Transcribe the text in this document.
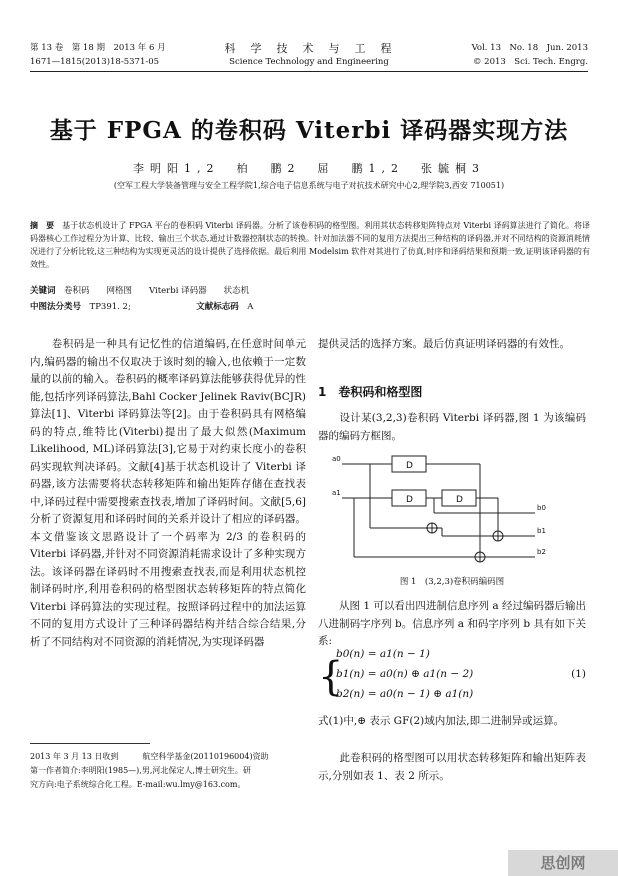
第 13 卷　第 18 期　2013 年 6 月
1671—1815(2013)18-5371-05
科　学　技　术　与　工　程
Science Technology and Engineering
Vol. 13　No. 18　Jun. 2013
© 2013　Sci. Tech. Engrg.
基于 FPGA 的卷积码 Viterbi 译码器实现方法
李明阳1,2　柏　鹏2　屈　鹏1,2　张毓桐3
(空军工程大学装备管理与安全工程学院1,综合电子信息系统与电子对抗技术研究中心2,理学院3,西安 710051)
摘　要　 基于状态机设计了 FPGA 平台的卷积码 Viterbi 译码器。分析了该卷积码的格型图。利用其状态转移矩阵特点对 Viterbi 译码算法进行了简化。将译码器核心工作过程分为计算、比较、输出三个状态,通过计数器控制状态的转换。针对加法器不同的复用方法提出三种结构的译码器,并对不同结构的资源消耗情况进行了分析比较,这三种结构为实现更灵活的设计提供了选择依据。最后利用 Modelsim 软件对其进行了仿真,时序和译码结果和预期一致,证明该译码器的有效性。
关键词　 卷积码　　网格图　　Viterbi 译码器　　状态机
中图法分类号　 TP391. 2;	文献标志码　 A
　　卷积码是一种具有记忆性的信道编码,在任意时间单元内,编码器的输出不仅取决于该时刻的输入,也依赖于一定数量的以前的输入。卷积码的概率译码算法能够获得优异的性能,包括序列译码算法,Bahl Cocker Jelinek Raviv(BCJR)算法[1]、Viterbi 译码算法等[2]。由于卷积码具有网格编码的特点,维特比(Viterbi)提出了最大似然(Maximum Likelihood, ML)译码算法[3],它易于对约束长度小的卷积码实现软判决译码。文献[4]基于状态机设计了 Viterbi 译码器,该方法需要将状态转移矩阵和输出矩阵存储在查找表中,译码过程中需要搜索查找表,增加了译码时间。文献[5,6]分析了资源复用和译码时间的关系并设计了相应的译码器。本文借鉴该文思路设计了一个码率为 2/3 的卷积码的 Viterbi 译码器,并针对不同资源消耗需求设计了多种实现方法。该译码器在译码时不用搜索查找表,而是利用状态机控制译码时序,利用卷积码的格型图状态转移矩阵的特点简化 Viterbi 译码算法的实现过程。按照译码过程中的加法运算不同的复用方式设计了三种译码器结构并结合综合结果,分析了不同结构对不同资源的消耗情况,为实现译码器
提供灵活的选择方案。最后仿真证明译码器的有效性。
1　卷积码和格型图
　　设计某(3,2,3)卷积码 Viterbi 译码器,图 1 为该编码器的编码方框图。
D
D	D
a0
a1
b0
b1
b2
图 1　(3,2,3)卷积码编码图
　　从图 1 可以看出四进制信息序列 a 经过编码器后输出八进制码字序列 b。信息序列 a 和码字序列 b 具有如下关系:
{
b0(n) = a1(n − 1)
b1(n) = a0(n) ⊕ a1(n − 2)
b2(n) = a0(n − 1) ⊕ a1(n)
(1)
式(1)中,⊕ 表示 GF(2)域内加法,即二进制异或运算。
　　此卷积码的格型图可以用状态转移矩阵和输出矩阵表示,分别如表 1、表 2 所示。
2013 年 3 月 13 日收到　　　航空科学基金(20110196004)资助
第一作者简介:李明阳(1985—),男,河北保定人,博士研究生。研
究方向:电子系统综合化工程。E-mail:wu.lmy@163.com。
思创网
